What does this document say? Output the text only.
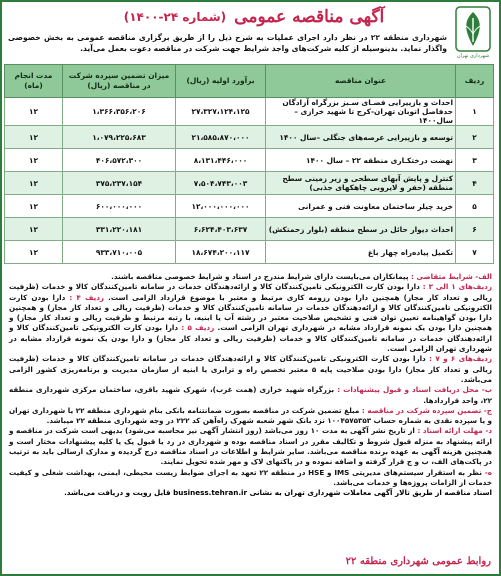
آگهی مناقصه عمومی
(شماره ۲۴-۱۴۰۰)
شهرداری تهران
شهرداری منطقه ۲۲ در نظر دارد اجرای عملیات به شرح ذیل را از طریق برگزاری مناقصه عمومی به بخش خصوصی واگذار نماید. بدینوسیله از کلیه شرکت‌های واجد شرایط جهت شرکت در مناقصه دعوت بعمل می‌آید.
ردیف	عنوان مناقصه	برآورد اولیه (ریال)	میزان تضمین سپرده شرکت در مناقصه (ریال)	مدت انجام (ماه)
۱	احداث و بازپیرایی فضـای سـبز بزرگراه آزادگان حدفاصل اتوبان تهران-کرج تا شهید خرازی –سال۱۴۰۰	۲۷،۳۲۷،۱۲۴،۱۲۵	۱،۳۶۶،۳۵۶،۲۰۶	۱۲
۲	توسعه و بازپیرایی عرصه‌های جنگلی –سال ۱۴۰۰	۲۱،۵۸۵،۸۷۰،۰۰۰	۱،۰۷۹،۲۲۵،۶۸۳	۱۲
۳	نهضت درختکـاری منطقه ۲۲ – سال ۱۴۰۰	۸،۱۳۱،۴۴۶،۰۰۰	۴۰۶،۵۷۲،۳۰۰	۱۲
۴	کنترل و پایش آبهای سطحی و زیر زمینی سطح منطقه (حفر و لایروبی چاهکهای جذبی)	۷،۵۰۴،۷۴۳،۰۰۳	۳۷۵،۲۳۷،۱۵۴	۱۲
۵	خرید چیلر ساختمان معاونت فنی و عمرانی	۱۲،۰۰۰،۰۰۰،۰۰۰	۶۰۰،۰۰۰،۰۰۰	۱۲
۶	احداث دیوار حائل در سطح منطقه (بلوار زحمتکش)	۶،۶۲۴،۴۰۳،۶۳۷	۳۳۱،۲۲۰،۱۸۱	۱۲
۷	تکمیل پیاده‌راه چهار باغ	۱۸،۶۷۴،۲۰۰،۱۱۷	۹۳۳،۷۱۰،۰۰۵	۱۲

الف- شرایط متقاضی : پیمانکاران می‌بایست دارای شرایط مندرج در اسناد و شرایط خصوصی مناقصه باشند.

ردیف‌های ۱ الی ۳ : دارا بودن کارت الکترونیکی تامین‌کنندگان کالا و ارائه‌دهندگان خدمات در سامانه تامین‌کنندگان کالا و خدمات (ظرفیت ریالی و تعداد کار مجاز) همچنین دارا بودن رزومه کاری مرتبط و معتبر با موضوع قرارداد الزامی است. ردیف ۴ : دارا بودن کارت الکترونیکی تامین‌کنندگان کالا و ارائه‌دهندگان خدمات در سامانه تامین‌کنندگان کالا و خدمات (ظرفیت ریالی و تعداد کار مجاز) و همچنین دارا بودن گواهینامه تعیین توان فنی و تشخیص صلاحیت معتبر در رشته آب یا ابنیه، با رتبه مرتبط و ظرفیت ریالی و تعداد کار مجاز) و همچنین دارا بودن یک نمونه قرارداد مشابه در شهرداری تهران الزامی است. ردیف ۵ : دارا بودن کارت الکترونیکی تامین‌کنندگان کالا و ارائه‌دهندگان خدمات در سامانه تامین‌کنندگان کالا و خدمات (ظرفیت ریالی و تعداد کار مجاز) و دارا بودن یک نمونه قرارداد مشابه در شهرداری تهران الزامی است.

ردیف‌های ۶ و ۷ : دارا بودن کارت الکترونیکی تامین‌کنندگان کالا و ارائه‌دهندگان خدمات در سامانه تامین‌کنندگان کالا و خدمات (ظرفیت ریالی و تعداد کار مجاز) دارا بودن صلاحیت پایه ۵ معتبر تخصص راه و ترابری یا ابنیه از سازمان مدیریت و برنامه‌ریزی کشور الزامی می‌باشد.

ب- محل دریافت اسناد و قبول پیشنهادات : بزرگراه شهید خرازی (همت غرب)، شهرک شهید باقری، ساختمان مرکزی شهرداری منطقه ۲۲، واحد قراردادها.

ج- تضمین سپرده شرکت در مناقصه : مبلغ تضمین شرکت در مناقصه بصورت ضمانتنامه بانکی بنام شهرداری منطقه ۲۲ یا شهرداری تهران و یا سپرده نقدی به شماره حساب ۱۰۰۴۵۷۵۳۵۳ نزد بانک شهر شعبه شهرک راه‌آهن کد ۲۲۲ در وجه شهرداری منطقه ۲۲ میباشد.

د- مهلت ارائه اسناد : از تاریخ نشر آگهی به مدت ۱۰ روز می‌باشد (روز انتشار آگهی نیز محاسبه می‌شود) بدیهی است شرکت در مناقصه و ارائه پیشنهاد به منزله قبول شروط و تکالیف مقرر در اسناد مناقصه بوده و شهرداری در رد یا قبول یک یا کلیه پیشنهادات مختار است و همچنین هزینه آگهی به عهده برنده مناقصه می‌باشد. سایر شرایط و اطلاعات در اسناد مناقصه درج گردیده و مدارک ارسالی باید به ترتیب در پاکت‌های الف، ب و ج قرار گرفته و اضافه نموده و در پاکتهای لاک و مهر شده تحویل نمایند.

ه- نظر به استقرار سیستم‌های مدیریتی IMS و HSE در منطقه ۲۲ تعهد به اجرای ضوابط زیست محیطی، ایمنی، بهداشت شغلی و کیفیت خدمات از الزامات پروژه‌ها و خدمات می‌باشد.

اسناد مناقصه از طریق تالار آگهی معاملات شهرداری تهران به نشانی business.tehran.ir قابل رویت و دریافت می‌باشد.

روابط عمومی شهرداری منطقه ۲۲
